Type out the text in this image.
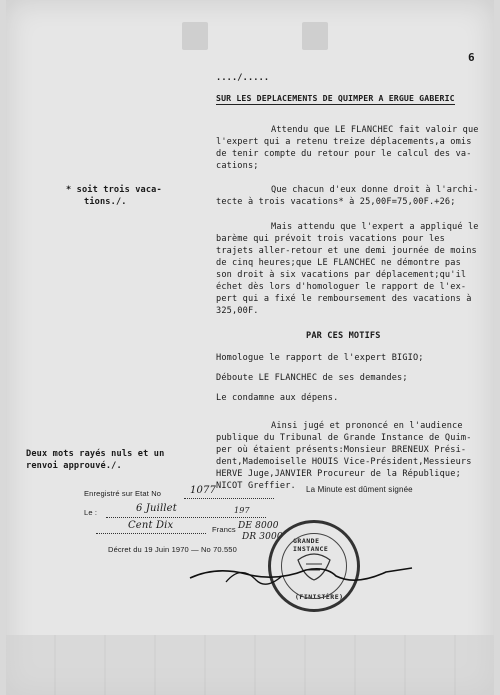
6
..../.....
SUR LES DEPLACEMENTS DE QUIMPER A ERGUE GABERIC
Attendu que LE FLANCHEC fait valoir que
l'expert qui a retenu treize déplacements,a omis
de tenir compte du retour pour le calcul des va-
cations;
Que chacun d'eux donne droit à l'archi-
tecte à trois vacations* à 25,00F=75,00F.+26;
* soit trois vaca-
tions./.
Mais attendu que l'expert a appliqué le
barème qui prévoit trois vacations pour les
trajets aller-retour et une demi journée de moins
de cinq heures;que LE FLANCHEC ne démontre pas
son droit à six vacations par déplacement;qu'il
échet dès lors d'homologuer le rapport de l'ex-
pert qui a fixé le remboursement des vacations à
325,00F.
PAR CES MOTIFS
Homologue le rapport de l'expert BIGIO;
Déboute LE FLANCHEC de ses demandes;
Le condamne aux dépens.
Ainsi jugé et prononcé en l'audience
publique du Tribunal de Grande Instance de Quim-
per où étaient présents:Monsieur BRENEUX Prési-
dent,Mademoiselle HOUIS Vice-Président,Messieurs
HERVE Juge,JANVIER Procureur de la République;
NICOT Greffier.
Deux mots rayés nuls et un
renvoi approuvé./.
La Minute est dûment signée
Enregistré sur Etat No	1077
Le :	6 Juillet	197
Cent Dix	Francs DE 8000
DR 3000
Décret du 19 Juin 1970 — No 70.550
GRANDE INSTANCE
(FINISTÈRE)
